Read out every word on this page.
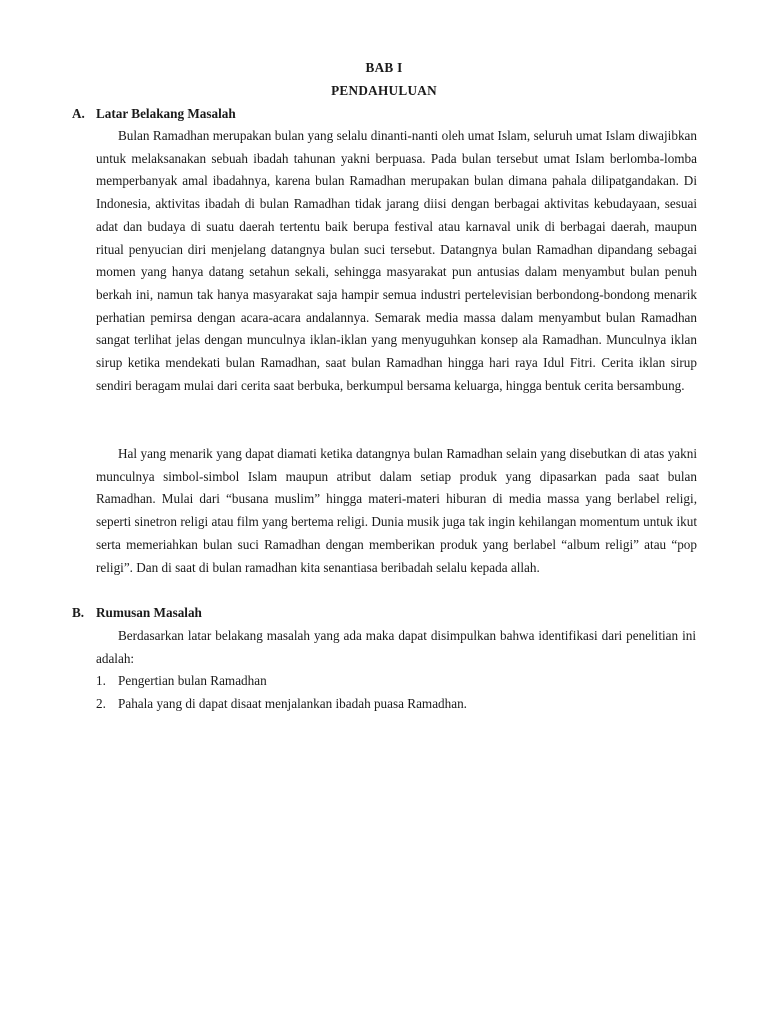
BAB I
PENDAHULUAN
A. Latar Belakang Masalah

Bulan Ramadhan merupakan bulan yang selalu dinanti-nanti oleh umat Islam, seluruh umat Islam diwajibkan untuk melaksanakan sebuah ibadah tahunan yakni berpuasa. Pada bulan tersebut umat Islam berlomba-lomba memperbanyak amal ibadahnya, karena bulan Ramadhan merupakan bulan dimana pahala dilipatgandakan. Di Indonesia, aktivitas ibadah di bulan Ramadhan tidak jarang diisi dengan berbagai aktivitas kebudayaan, sesuai adat dan budaya di suatu daerah tertentu baik berupa festival atau karnaval unik di berbagai daerah, maupun ritual penyucian diri menjelang datangnya bulan suci tersebut. Datangnya bulan Ramadhan dipandang sebagai momen yang hanya datang setahun sekali, sehingga masyarakat pun antusias dalam menyambut bulan penuh berkah ini, namun tak hanya masyarakat saja hampir semua industri pertelevisian berbondong-bondong menarik perhatian pemirsa dengan acara-acara andalannya. Semarak media massa dalam menyambut bulan Ramadhan sangat terlihat jelas dengan munculnya iklan-iklan yang menyuguhkan konsep ala Ramadhan. Munculnya iklan sirup ketika mendekati bulan Ramadhan, saat bulan Ramadhan hingga hari raya Idul Fitri. Cerita iklan sirup sendiri beragam mulai dari cerita saat berbuka, berkumpul bersama keluarga, hingga bentuk cerita bersambung.

Hal yang menarik yang dapat diamati ketika datangnya bulan Ramadhan selain yang disebutkan di atas yakni munculnya simbol-simbol Islam maupun atribut dalam setiap produk yang dipasarkan pada saat bulan Ramadhan. Mulai dari “busana muslim” hingga materi-materi hiburan di media massa yang berlabel religi, seperti sinetron religi atau film yang bertema religi. Dunia musik juga tak ingin kehilangan momentum untuk ikut serta memeriahkan bulan suci Ramadhan dengan memberikan produk yang berlabel “album religi” atau “pop religi”. Dan di saat di bulan ramadhan kita senantiasa beribadah selalu kepada allah.

B. Rumusan Masalah

Berdasarkan latar belakang masalah yang ada maka dapat disimpulkan bahwa identifikasi dari penelitian ini adalah:

1. Pengertian bulan Ramadhan
2. Pahala yang di dapat disaat menjalankan ibadah puasa Ramadhan.
